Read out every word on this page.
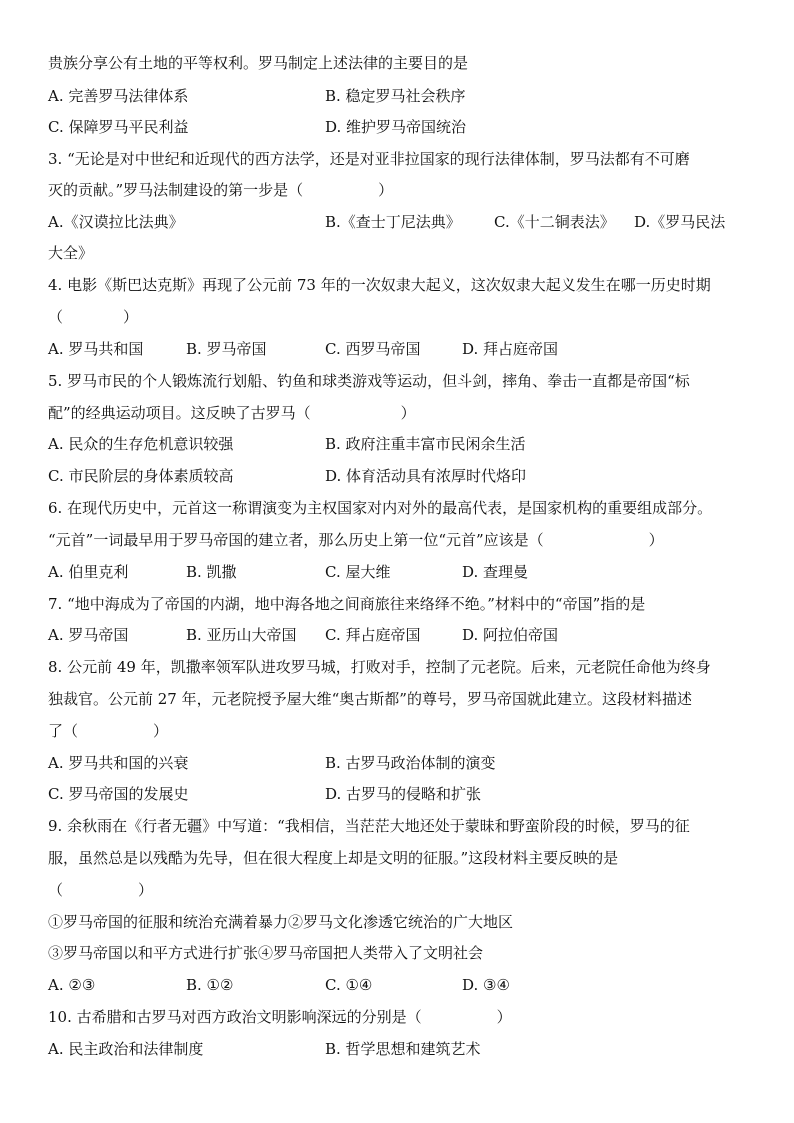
贵族分享公有土地的平等权利。罗马制定上述法律的主要目的是
A. 完善罗马法律体系	B. 稳定罗马社会秩序
C. 保障罗马平民利益	D. 维护罗马帝国统治
3. “无论是对中世纪和近现代的西方法学，还是对亚非拉国家的现行法律体制，罗马法都有不可磨
灭的贡献。”罗马法制建设的第一步是（　　　　　）
A.《汉谟拉比法典》	B.《查士丁尼法典》 C.《十二铜表法》 D.《罗马民法
大全》
4. 电影《斯巴达克斯》再现了公元前 73 年的一次奴隶大起义，这次奴隶大起义发生在哪一历史时期
（　　　　）
A. 罗马共和国	B. 罗马帝国	C. 西罗马帝国	D. 拜占庭帝国
5. 罗马市民的个人锻炼流行划船、钓鱼和球类游戏等运动，但斗剑，摔角、拳击一直都是帝国“标
配”的经典运动项目。这反映了古罗马（　　　　　　）
A. 民众的生存危机意识较强	B. 政府注重丰富市民闲余生活
C. 市民阶层的身体素质较高	D. 体育活动具有浓厚时代烙印
6. 在现代历史中，元首这一称谓演变为主权国家对内对外的最高代表，是国家机构的重要组成部分。
“元首”一词最早用于罗马帝国的建立者，那么历史上第一位“元首”应该是（　　　　　　　）
A. 伯里克利	B. 凯撒	C. 屋大维	D. 查理曼
7. “地中海成为了帝国的内湖，地中海各地之间商旅往来络绎不绝。”材料中的“帝国”指的是
A. 罗马帝国	B. 亚历山大帝国 C. 拜占庭帝国	D. 阿拉伯帝国
8. 公元前 49 年，凯撒率领军队进攻罗马城，打败对手，控制了元老院。后来，元老院任命他为终身
独裁官。公元前 27 年，元老院授予屋大维“奥古斯都”的尊号，罗马帝国就此建立。这段材料描述
了（　　　　　）
A. 罗马共和国的兴衰	B. 古罗马政治体制的演变
C. 罗马帝国的发展史	D. 古罗马的侵略和扩张
9. 余秋雨在《行者无疆》中写道：“我相信，当茫茫大地还处于蒙昧和野蛮阶段的时候，罗马的征
服，虽然总是以残酷为先导，但在很大程度上却是文明的征服。”这段材料主要反映的是
（　　　　　）
①罗马帝国的征服和统治充满着暴力②罗马文化渗透它统治的广大地区
③罗马帝国以和平方式进行扩张④罗马帝国把人类带入了文明社会
A. ②③	B. ①②	C. ①④	D. ③④
10. 古希腊和古罗马对西方政治文明影响深远的分别是（　　　　　）
A. 民主政治和法律制度	B. 哲学思想和建筑艺术
